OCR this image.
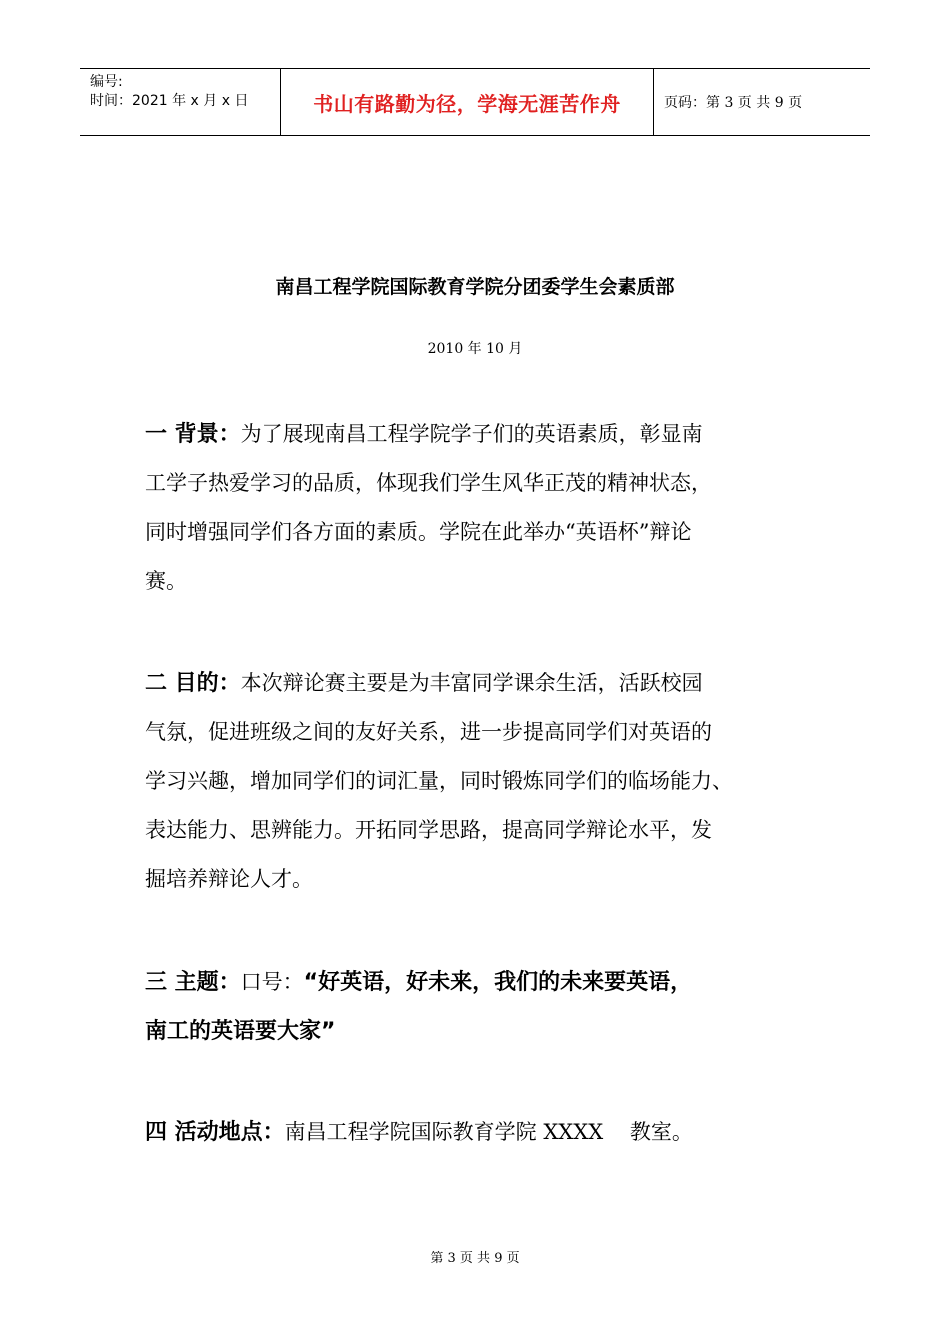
编号:
时间：2021 年 x 月 x 日	书山有路勤为径，学海无涯苦作舟	页码：第 3 页 共 9 页
南昌工程学院国际教育学院分团委学生会素质部
2010 年 10 月
一 背景：为了展现南昌工程学院学子们的英语素质，彰显南
工学子热爱学习的品质，体现我们学生风华正茂的精神状态，
同时增强同学们各方面的素质。学院在此举办“英语杯”辩论
赛。
二 目的：本次辩论赛主要是为丰富同学课余生活，活跃校园
气氛，促进班级之间的友好关系，进一步提高同学们对英语的
学习兴趣，增加同学们的词汇量，同时锻炼同学们的临场能力、
表达能力、思辨能力。开拓同学思路，提高同学辩论水平，发
掘培养辩论人才。
三 主题：口号：“好英语，好未来，我们的未来要英语，
南工的英语要大家”
四 活动地点：南昌工程学院国际教育学院 XXXX    教室。
第 3 页 共 9 页
